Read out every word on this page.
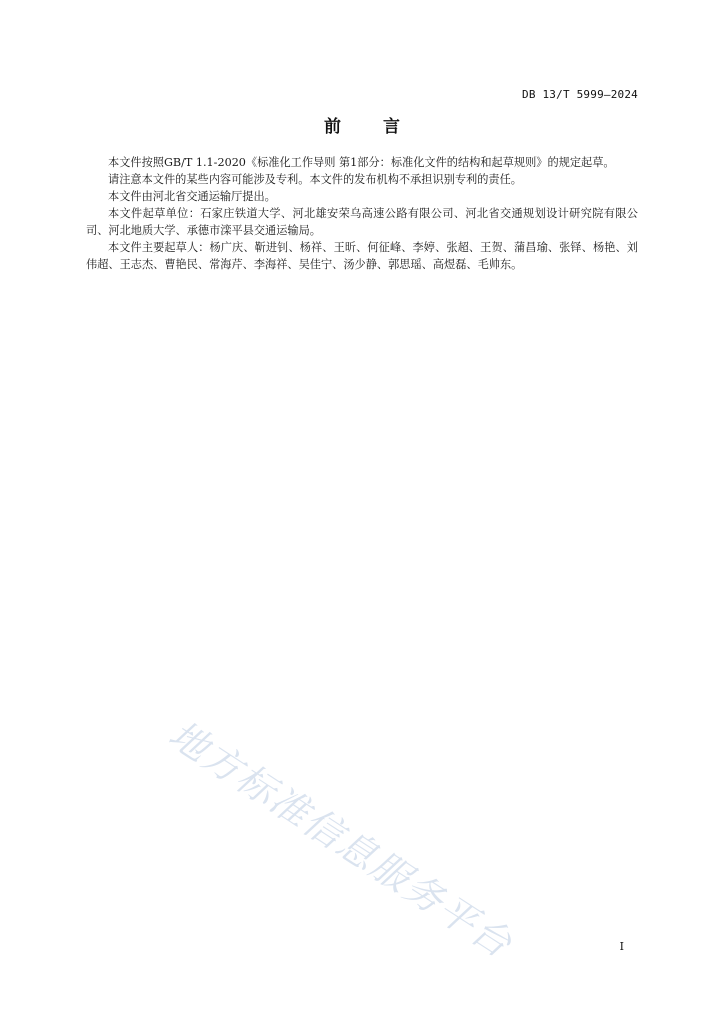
DB 13/T 5999—2024
前言

本文件按照GB/T 1.1-2020《标准化工作导则 第1部分：标准化文件的结构和起草规则》的规定起草。

请注意本文件的某些内容可能涉及专利。本文件的发布机构不承担识别专利的责任。

本文件由河北省交通运输厅提出。

本文件起草单位：石家庄铁道大学、河北雄安荣乌高速公路有限公司、河北省交通规划设计研究院有限公司、河北地质大学、承德市滦平县交通运输局。

本文件主要起草人：杨广庆、靳进钊、杨祥、王昕、何征峰、李婷、张超、王贺、蒲昌瑜、张铎、杨艳、刘伟超、王志杰、曹艳民、常海芹、李海祥、吴佳宁、汤少静、郭思瑶、高煜磊、毛帅东。

地方标准信息服务平台	I
